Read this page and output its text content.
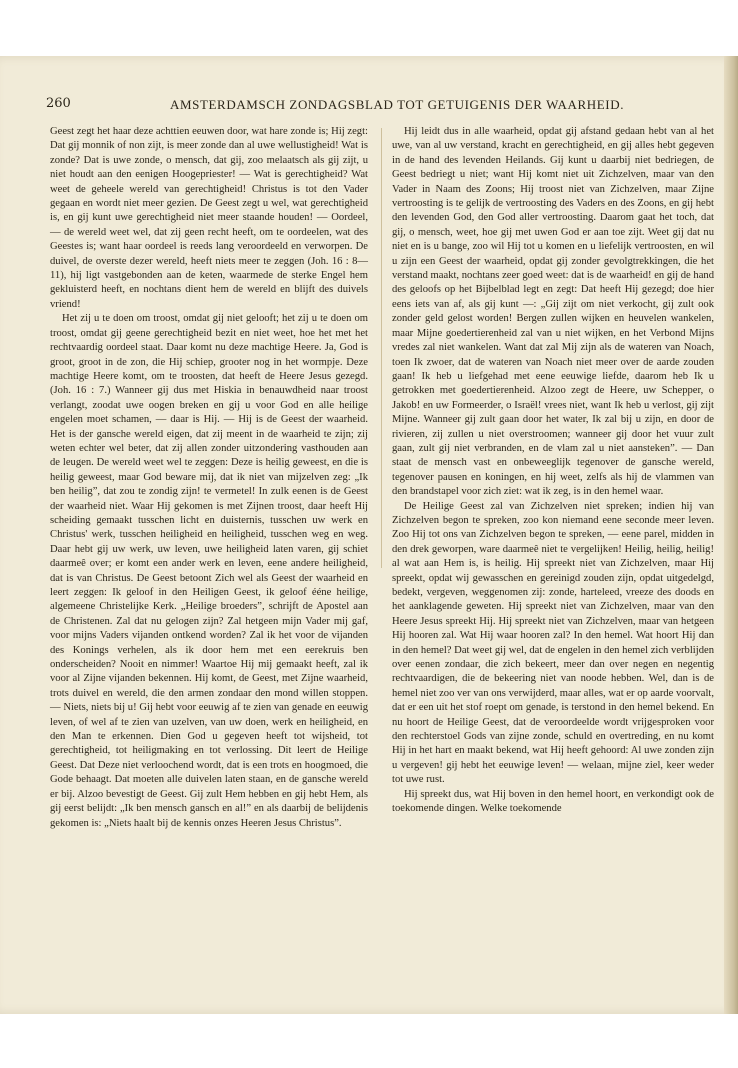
260	AMSTERDAMSCH ZONDAGSBLAD TOT GETUIGENIS DER WAARHEID.

Geest zegt het haar deze achttien eeuwen door, wat hare zonde is; Hij zegt: Dat gij monnik of non zijt, is meer zonde dan al uwe wellustigheid! Wat is zonde? Dat is uwe zonde, o mensch, dat gij, zoo melaatsch als gij zijt, u niet houdt aan den eenigen Hoogepriester! — Wat is gerechtigheid? Wat weet de geheele wereld van gerechtigheid! Christus is tot den Vader gegaan en wordt niet meer gezien. De Geest zegt u wel, wat gerechtigheid is, en gij kunt uwe gerechtigheid niet meer staande houden! — Oordeel, — de wereld weet wel, dat zij geen recht heeft, om te oordeelen, wat des Geestes is; want haar oordeel is reeds lang veroordeeld en verworpen. De duivel, de overste dezer wereld, heeft niets meer te zeggen (Joh. 16 : 8—11), hij ligt vastgebonden aan de keten, waarmede de sterke Engel hem gekluisterd heeft, en nochtans dient hem de wereld en blijft des duivels vriend!

Het zij u te doen om troost, omdat gij niet gelooft; het zij u te doen om troost, omdat gij geene gerechtigheid bezit en niet weet, hoe het met het rechtvaardig oordeel staat. Daar komt nu deze machtige Heere. Ja, God is groot, groot in de zon, die Hij schiep, grooter nog in het wormpje. Deze machtige Heere komt, om te troosten, dat heeft de Heere Jesus gezegd. (Joh. 16 : 7.) Wanneer gij dus met Hiskia in benauwdheid naar troost verlangt, zoodat uwe oogen breken en gij u voor God en alle heilige engelen moet schamen, — daar is Hij. — Hij is de Geest der waarheid. Het is der gansche wereld eigen, dat zij meent in de waarheid te zijn; zij weten echter wel beter, dat zij allen zonder uitzondering vasthouden aan de leugen. De wereld weet wel te zeggen: Deze is heilig geweest, en die is heilig geweest, maar God beware mij, dat ik niet van mijzelven zeg: „Ik ben heilig”, dat zou te zondig zijn! te vermetel! In zulk eenen is de Geest der waarheid niet. Waar Hij gekomen is met Zijnen troost, daar heeft Hij scheiding gemaakt tusschen licht en duisternis, tusschen uw werk en Christus' werk, tusschen heiligheid en heiligheid, tusschen weg en weg. Daar hebt gij uw werk, uw leven, uwe heiligheid laten varen, gij schiet daarmeê over; er komt een ander werk en leven, eene andere heiligheid, dat is van Christus. De Geest betoont Zich wel als Geest der waarheid en leert zeggen: Ik geloof in den Heiligen Geest, ik geloof ééne heilige, algemeene Christelijke Kerk. „Heilige broeders”, schrijft de Apostel aan de Christenen. Zal dat nu gelogen zijn? Zal hetgeen mijn Vader mij gaf, voor mijns Vaders vijanden ontkend worden? Zal ik het voor de vijanden des Konings verhelen, als ik door hem met een eerekruis ben onderscheiden? Nooit en nimmer! Waartoe Hij mij gemaakt heeft, zal ik voor al Zijne vijanden bekennen. Hij komt, de Geest, met Zijne waarheid, trots duivel en wereld, die den armen zondaar den mond willen stoppen. — Niets, niets bij u! Gij hebt voor eeuwig af te zien van genade en eeuwig leven, of wel af te zien van uzelven, van uw doen, werk en heiligheid, en den Man te erkennen. Dien God u gegeven heeft tot wijsheid, tot gerechtigheid, tot heiligmaking en tot verlossing. Dit leert de Heilige Geest. Dat Deze niet verloochend wordt, dat is een trots en hoogmoed, die Gode behaagt. Dat moeten alle duivelen laten staan, en de gansche wereld er bij. Alzoo bevestigt de Geest. Gij zult Hem hebben en gij hebt Hem, als gij eerst belijdt: „Ik ben mensch gansch en al!” en als daarbij de belijdenis gekomen is: „Niets haalt bij de kennis onzes Heeren Jesus Christus”.

Hij leidt dus in alle waarheid, opdat gij afstand gedaan hebt van al het uwe, van al uw verstand, kracht en gerechtigheid, en gij alles hebt gegeven in de hand des levenden Heilands. Gij kunt u daarbij niet bedriegen, de Geest bedriegt u niet; want Hij komt niet uit Zichzelven, maar van den Vader in Naam des Zoons; Hij troost niet van Zichzelven, maar Zijne vertroosting is te gelijk de vertroosting des Vaders en des Zoons, en gij hebt den levenden God, den God aller vertroosting. Daarom gaat het toch, dat gij, o mensch, weet, hoe gij met uwen God er aan toe zijt. Weet gij dat nu niet en is u bange, zoo wil Hij tot u komen en u liefelijk vertroosten, en wil u zijn een Geest der waarheid, opdat gij zonder gevolgtrekkingen, die het verstand maakt, nochtans zeer goed weet: dat is de waarheid! en gij de hand des geloofs op het Bijbelblad legt en zegt: Dat heeft Hij gezegd; doe hier eens iets van af, als gij kunt —: „Gij zijt om niet verkocht, gij zult ook zonder geld gelost worden! Bergen zullen wijken en heuvelen wankelen, maar Mijne goedertierenheid zal van u niet wijken, en het Verbond Mijns vredes zal niet wankelen. Want dat zal Mij zijn als de wateren van Noach, toen Ik zwoer, dat de wateren van Noach niet meer over de aarde zouden gaan! Ik heb u liefgehad met eene eeuwige liefde, daarom heb Ik u getrokken met goedertierenheid. Alzoo zegt de Heere, uw Schepper, o Jakob! en uw Formeerder, o Israël! vrees niet, want Ik heb u verlost, gij zijt Mijne. Wanneer gij zult gaan door het water, Ik zal bij u zijn, en door de rivieren, zij zullen u niet overstroomen; wanneer gij door het vuur zult gaan, zult gij niet verbranden, en de vlam zal u niet aansteken”. — Dan staat de mensch vast en onbeweeglijk tegenover de gansche wereld, tegenover pausen en koningen, en hij weet, zelfs als hij de vlammen van den brandstapel voor zich ziet: wat ik zeg, is in den hemel waar.

De Heilige Geest zal van Zichzelven niet spreken; indien hij van Zichzelven begon te spreken, zoo kon niemand eene seconde meer leven. Zoo Hij tot ons van Zichzelven begon te spreken, — eene parel, midden in den drek geworpen, ware daarmeê niet te vergelijken! Heilig, heilig, heilig! al wat aan Hem is, is heilig. Hij spreekt niet van Zichzelven, maar Hij spreekt, opdat wij gewasschen en gereinigd zouden zijn, opdat uitgedelgd, bedekt, vergeven, weggenomen zij: zonde, harteleed, vreeze des doods en het aanklagende geweten. Hij spreekt niet van Zichzelven, maar van den Heere Jesus spreekt Hij. Hij spreekt niet van Zichzelven, maar van hetgeen Hij hooren zal. Wat Hij waar hooren zal? In den hemel. Wat hoort Hij dan in den hemel? Dat weet gij wel, dat de engelen in den hemel zich verblijden over eenen zondaar, die zich bekeert, meer dan over negen en negentig rechtvaardigen, die de bekeering niet van noode hebben. Wel, dan is de hemel niet zoo ver van ons verwijderd, maar alles, wat er op aarde voorvalt, dat er een uit het stof roept om genade, is terstond in den hemel bekend. En nu hoort de Heilige Geest, dat de veroordeelde wordt vrijgesproken voor den rechterstoel Gods van zijne zonde, schuld en overtreding, en nu komt Hij in het hart en maakt bekend, wat Hij heeft gehoord: Al uwe zonden zijn u vergeven! gij hebt het eeuwige leven! — welaan, mijne ziel, keer weder tot uwe rust.

Hij spreekt dus, wat Hij boven in den hemel hoort, en verkondigt ook de toekomende dingen. Welke toekomende
